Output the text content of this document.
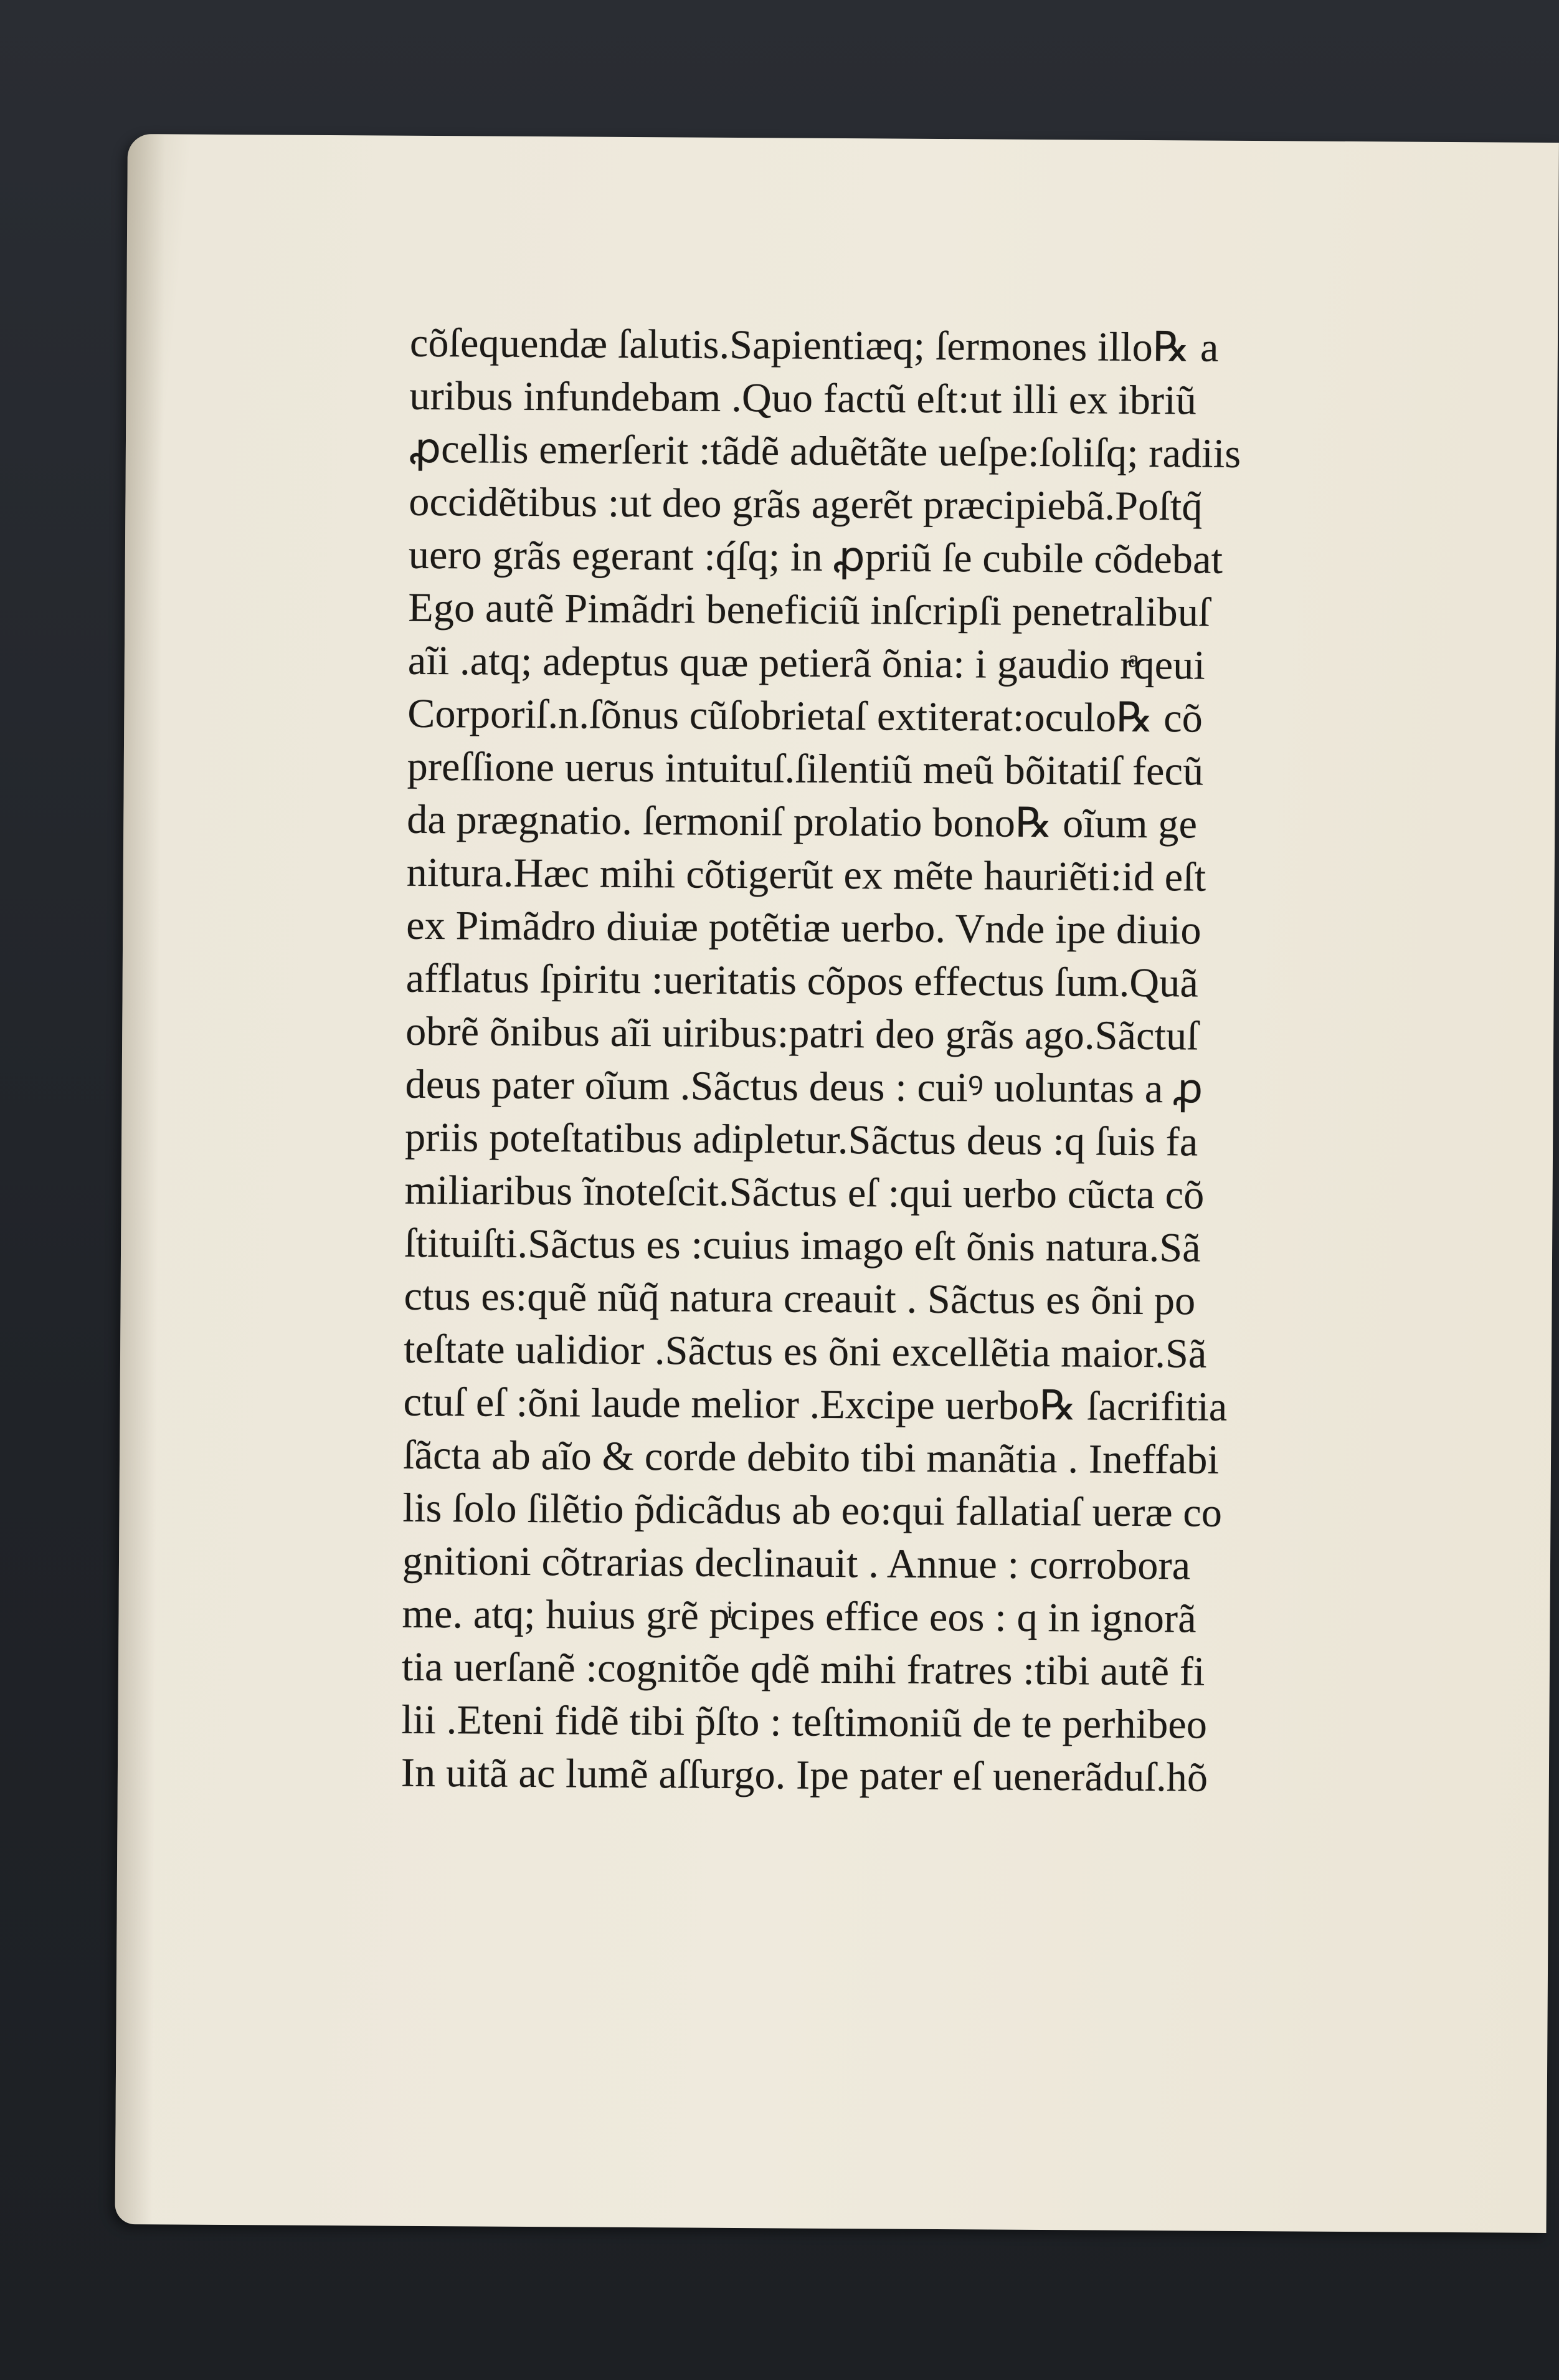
cõſequendæ ſalutis.Sapientiæq; ſermones illo℞ a
uribus infundebam .Quo factũ eſt:ut illi ex ibriũ
ꝓcellis emerſerit :tãdẽ aduẽtãte ueſpe:ſoliſq; radiis
occidẽtibus :ut deo grãs agerẽt præcipiebã.Poſtq̃
uero grãs egerant :q́ſq; in ꝓpriũ ſe cubile cõdebat
Ego autẽ Pimãdri beneficiũ inſcripſi penetralibuſ
aĩi .atq; adeptus quæ petierã õnia: i gaudio rͣqeui
Corporiſ.n.ſõnus cũſobrietaſ extiterat:oculo℞ cõ
preſſione uerus intuituſ.ſilentiũ meũ bõitatiſ fecũ
da prægnatio. ſermoniſ prolatio bono℞ oĩum ge
nitura.Hæc mihi cõtigerũt ex mẽte hauriẽti:id eſt
ex Pimãdro diuiæ potẽtiæ uerbo. Vnde ipe diuio
afflatus ſpiritu :ueritatis cõpos effectus ſum.Quã
obrẽ õnibus aĩi uiribus:patri deo grãs ago.Sãctuſ
deus pater oĩum .Sãctus deus : cuiꝰ uoluntas a ꝓ
priis poteſtatibus adipletur.Sãctus deus :q ſuis fa
miliaribus ĩnoteſcit.Sãctus eſ :qui uerbo cũcta cõ
ſtituiſti.Sãctus es :cuius imago eſt õnis natura.Sã
ctus es:quẽ nũq̃ natura creauit . Sãctus es õni po
teſtate ualidior .Sãctus es õni excellẽtia maior.Sã
ctuſ eſ :õni laude melior .Excipe uerbo℞ ſacrifitia
ſãcta ab aĩo & corde debito tibi manãtia . Ineffabi
lis ſolo ſilẽtio p̃dicãdus ab eo:qui fallatiaſ ueræ co
gnitioni cõtrarias declinauit . Annue : corrobora
me. atq; huius grẽ pͥcipes effice eos : q in ignorã
tia uerſanẽ :cognitõe qdẽ mihi fratres :tibi autẽ fi
lii .Eteni fidẽ tibi p̃ſto : teſtimoniũ de te perhibeo
In uitã ac lumẽ aſſurgo. Ipe pater eſ uenerãduſ.hõ
